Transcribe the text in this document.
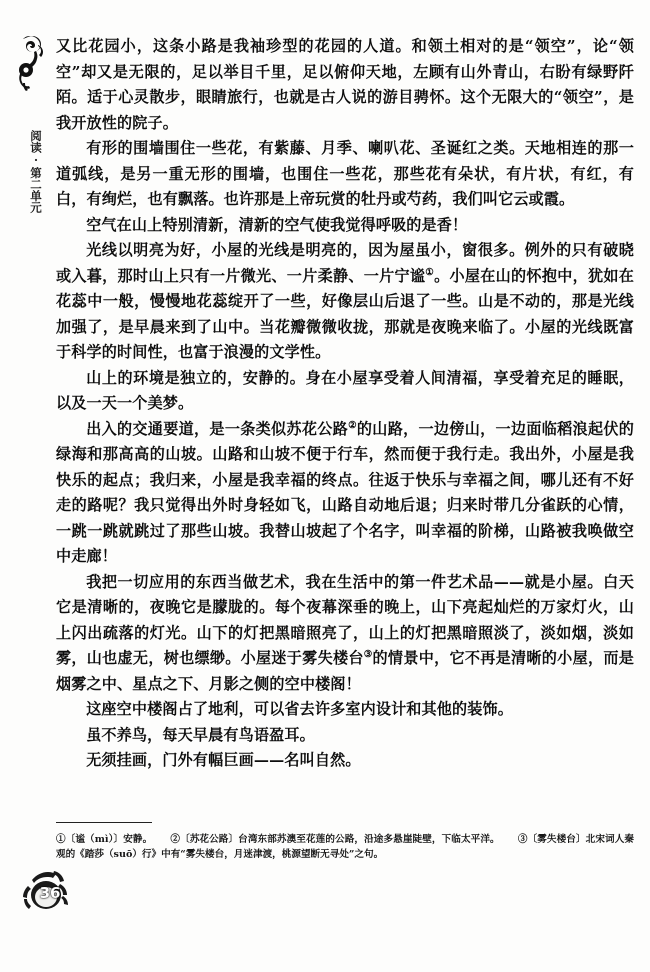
阅读·第二单元
36

又比花园小，这条小路是我袖珍型的花园的人道。和领土相对的是“领空”，论“领空”却又是无限的，足以举目千里，足以俯仰天地，左顾有山外青山，右盼有绿野阡陌。适于心灵散步，眼睛旅行，也就是古人说的游目骋怀。这个无限大的“领空”，是我开放性的院子。

有形的围墙围住一些花，有紫藤、月季、喇叭花、圣诞红之类。天地相连的那一道弧线，是另一重无形的围墙，也围住一些花，那些花有朵状，有片状，有红，有白，有绚烂，也有飘落。也许那是上帝玩赏的牡丹或芍药，我们叫它云或霞。

空气在山上特别清新，清新的空气使我觉得呼吸的是香！

光线以明亮为好，小屋的光线是明亮的，因为屋虽小，窗很多。例外的只有破晓或入暮，那时山上只有一片微光、一片柔静、一片宁谧①。小屋在山的怀抱中，犹如在花蕊中一般，慢慢地花蕊绽开了一些，好像层山后退了一些。山是不动的，那是光线加强了，是早晨来到了山中。当花瓣微微收拢，那就是夜晚来临了。小屋的光线既富于科学的时间性，也富于浪漫的文学性。

山上的环境是独立的，安静的。身在小屋享受着人间清福，享受着充足的睡眠，以及一天一个美梦。

出入的交通要道，是一条类似苏花公路②的山路，一边傍山，一边面临稻浪起伏的绿海和那高高的山坡。山路和山坡不便于行车，然而便于我行走。我出外，小屋是我快乐的起点；我归来，小屋是我幸福的终点。往返于快乐与幸福之间，哪儿还有不好走的路呢？我只觉得出外时身轻如飞，山路自动地后退；归来时带几分雀跃的心情，一跳一跳就跳过了那些山坡。我替山坡起了个名字，叫幸福的阶梯，山路被我唤做空中走廊！

我把一切应用的东西当做艺术，我在生活中的第一件艺术品——就是小屋。白天它是清晰的，夜晚它是朦胧的。每个夜幕深垂的晚上，山下亮起灿烂的万家灯火，山上闪出疏落的灯光。山下的灯把黑暗照亮了，山上的灯把黑暗照淡了，淡如烟，淡如雾，山也虚无，树也缥缈。小屋迷于雾失楼台③的情景中，它不再是清晰的小屋，而是烟雾之中、星点之下、月影之侧的空中楼阁！

这座空中楼阁占了地利，可以省去许多室内设计和其他的装饰。

虽不养鸟，每天早晨有鸟语盈耳。

无须挂画，门外有幅巨画——名叫自然。

①〔谧（mì）〕安静。 ②〔苏花公路〕台湾东部苏澳至花莲的公路，沿途多悬崖陡壁，下临太平洋。 ③〔雾失楼台〕北宋词人秦观的《踏莎（suō）行》中有“雾失楼台，月迷津渡，桃源望断无寻处”之句。
